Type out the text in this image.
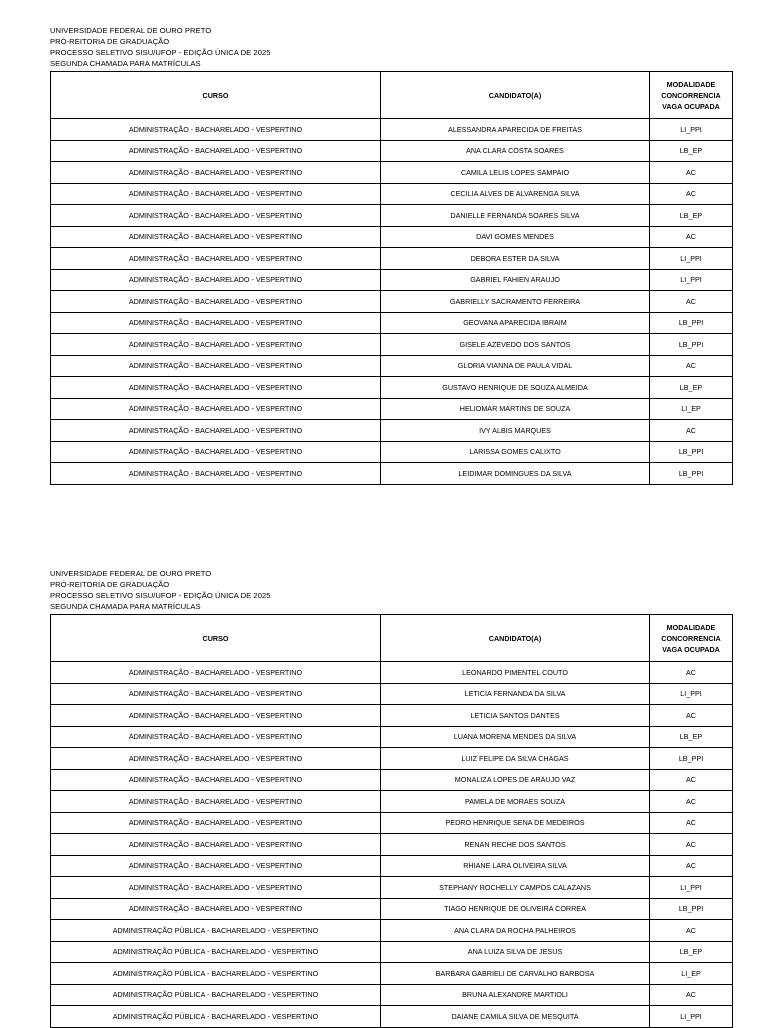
UNIVERSIDADE FEDERAL DE OURO PRETO
PRÓ-REITORIA DE GRADUAÇÃO
PROCESSO SELETIVO SISU/UFOP - EDIÇÃO ÚNICA DE 2025
SEGUNDA CHAMADA PARA MATRÍCULAS
CURSO	CANDIDATO(A)	MODALIDADE
CONCORRENCIA
VAGA OCUPADA

ADMINISTRAÇÃO - BACHARELADO - VESPERTINO	ALESSANDRA APARECIDA DE FREITAS	LI_PPI
ADMINISTRAÇÃO - BACHARELADO - VESPERTINO	ANA CLARA COSTA SOARES	LB_EP
ADMINISTRAÇÃO - BACHARELADO - VESPERTINO	CAMILA LELIS LOPES SAMPAIO	AC
ADMINISTRAÇÃO - BACHARELADO - VESPERTINO	CECILIA ALVES DE ALVARENGA SILVA	AC
ADMINISTRAÇÃO - BACHARELADO - VESPERTINO	DANIELLE FERNANDA SOARES SILVA	LB_EP
ADMINISTRAÇÃO - BACHARELADO - VESPERTINO	DAVI GOMES MENDES	AC
ADMINISTRAÇÃO - BACHARELADO - VESPERTINO	DEBORA ESTER DA SILVA	LI_PPI
ADMINISTRAÇÃO - BACHARELADO - VESPERTINO	GABRIEL FAHIEN ARAUJO	LI_PPI
ADMINISTRAÇÃO - BACHARELADO - VESPERTINO	GABRIELLY SACRAMENTO FERREIRA	AC
ADMINISTRAÇÃO - BACHARELADO - VESPERTINO	GEOVANA APARECIDA IBRAIM	LB_PPI
ADMINISTRAÇÃO - BACHARELADO - VESPERTINO	GISELE AZEVEDO DOS SANTOS	LB_PPI
ADMINISTRAÇÃO - BACHARELADO - VESPERTINO	GLORIA VIANNA DE PAULA VIDAL	AC
ADMINISTRAÇÃO - BACHARELADO - VESPERTINO	GUSTAVO HENRIQUE DE SOUZA ALMEIDA	LB_EP
ADMINISTRAÇÃO - BACHARELADO - VESPERTINO	HELIOMAR MARTINS DE SOUZA	LI_EP
ADMINISTRAÇÃO - BACHARELADO - VESPERTINO	IVY ALBIS MARQUES	AC
ADMINISTRAÇÃO - BACHARELADO - VESPERTINO	LARISSA GOMES CALIXTO	LB_PPI
ADMINISTRAÇÃO - BACHARELADO - VESPERTINO	LEIDIMAR DOMINGUES DA SILVA	LB_PPI
UNIVERSIDADE FEDERAL DE OURO PRETO
PRÓ-REITORIA DE GRADUAÇÃO
PROCESSO SELETIVO SISU/UFOP - EDIÇÃO ÚNICA DE 2025
SEGUNDA CHAMADA PARA MATRÍCULAS
CURSO	CANDIDATO(A)	MODALIDADE
CONCORRENCIA
VAGA OCUPADA

ADMINISTRAÇÃO - BACHARELADO - VESPERTINO	LEONARDO PIMENTEL COUTO	AC
ADMINISTRAÇÃO - BACHARELADO - VESPERTINO	LETICIA FERNANDA DA SILVA	LI_PPI
ADMINISTRAÇÃO - BACHARELADO - VESPERTINO	LETICIA SANTOS DANTES	AC
ADMINISTRAÇÃO - BACHARELADO - VESPERTINO	LUANA MORENA MENDES DA SILVA	LB_EP
ADMINISTRAÇÃO - BACHARELADO - VESPERTINO	LUIZ FELIPE DA SILVA CHAGAS	LB_PPI
ADMINISTRAÇÃO - BACHARELADO - VESPERTINO	MONALIZA LOPES DE ARAUJO VAZ	AC
ADMINISTRAÇÃO - BACHARELADO - VESPERTINO	PAMELA DE MORAES SOUZA	AC
ADMINISTRAÇÃO - BACHARELADO - VESPERTINO	PEDRO HENRIQUE SENA DE MEDEIROS	AC
ADMINISTRAÇÃO - BACHARELADO - VESPERTINO	RENAN RECHE DOS SANTOS	AC
ADMINISTRAÇÃO - BACHARELADO - VESPERTINO	RHIANE LARA OLIVEIRA SILVA	AC
ADMINISTRAÇÃO - BACHARELADO - VESPERTINO	STEPHANY ROCHELLY CAMPOS CALAZANS	LI_PPI
ADMINISTRAÇÃO - BACHARELADO - VESPERTINO	TIAGO HENRIQUE DE OLIVEIRA CORREA	LB_PPI
ADMINISTRAÇÃO PÚBLICA - BACHARELADO - VESPERTINO	ANA CLARA DA ROCHA PALHEIROS	AC
ADMINISTRAÇÃO PÚBLICA - BACHARELADO - VESPERTINO	ANA LUIZA SILVA DE JESUS	LB_EP
ADMINISTRAÇÃO PÚBLICA - BACHARELADO - VESPERTINO	BARBARA GABRIELI DE CARVALHO BARBOSA	LI_EP
ADMINISTRAÇÃO PÚBLICA - BACHARELADO - VESPERTINO	BRUNA ALEXANDRE MARTIOLI	AC
ADMINISTRAÇÃO PÚBLICA - BACHARELADO - VESPERTINO	DAIANE CAMILA SILVA DE MESQUITA	LI_PPI
